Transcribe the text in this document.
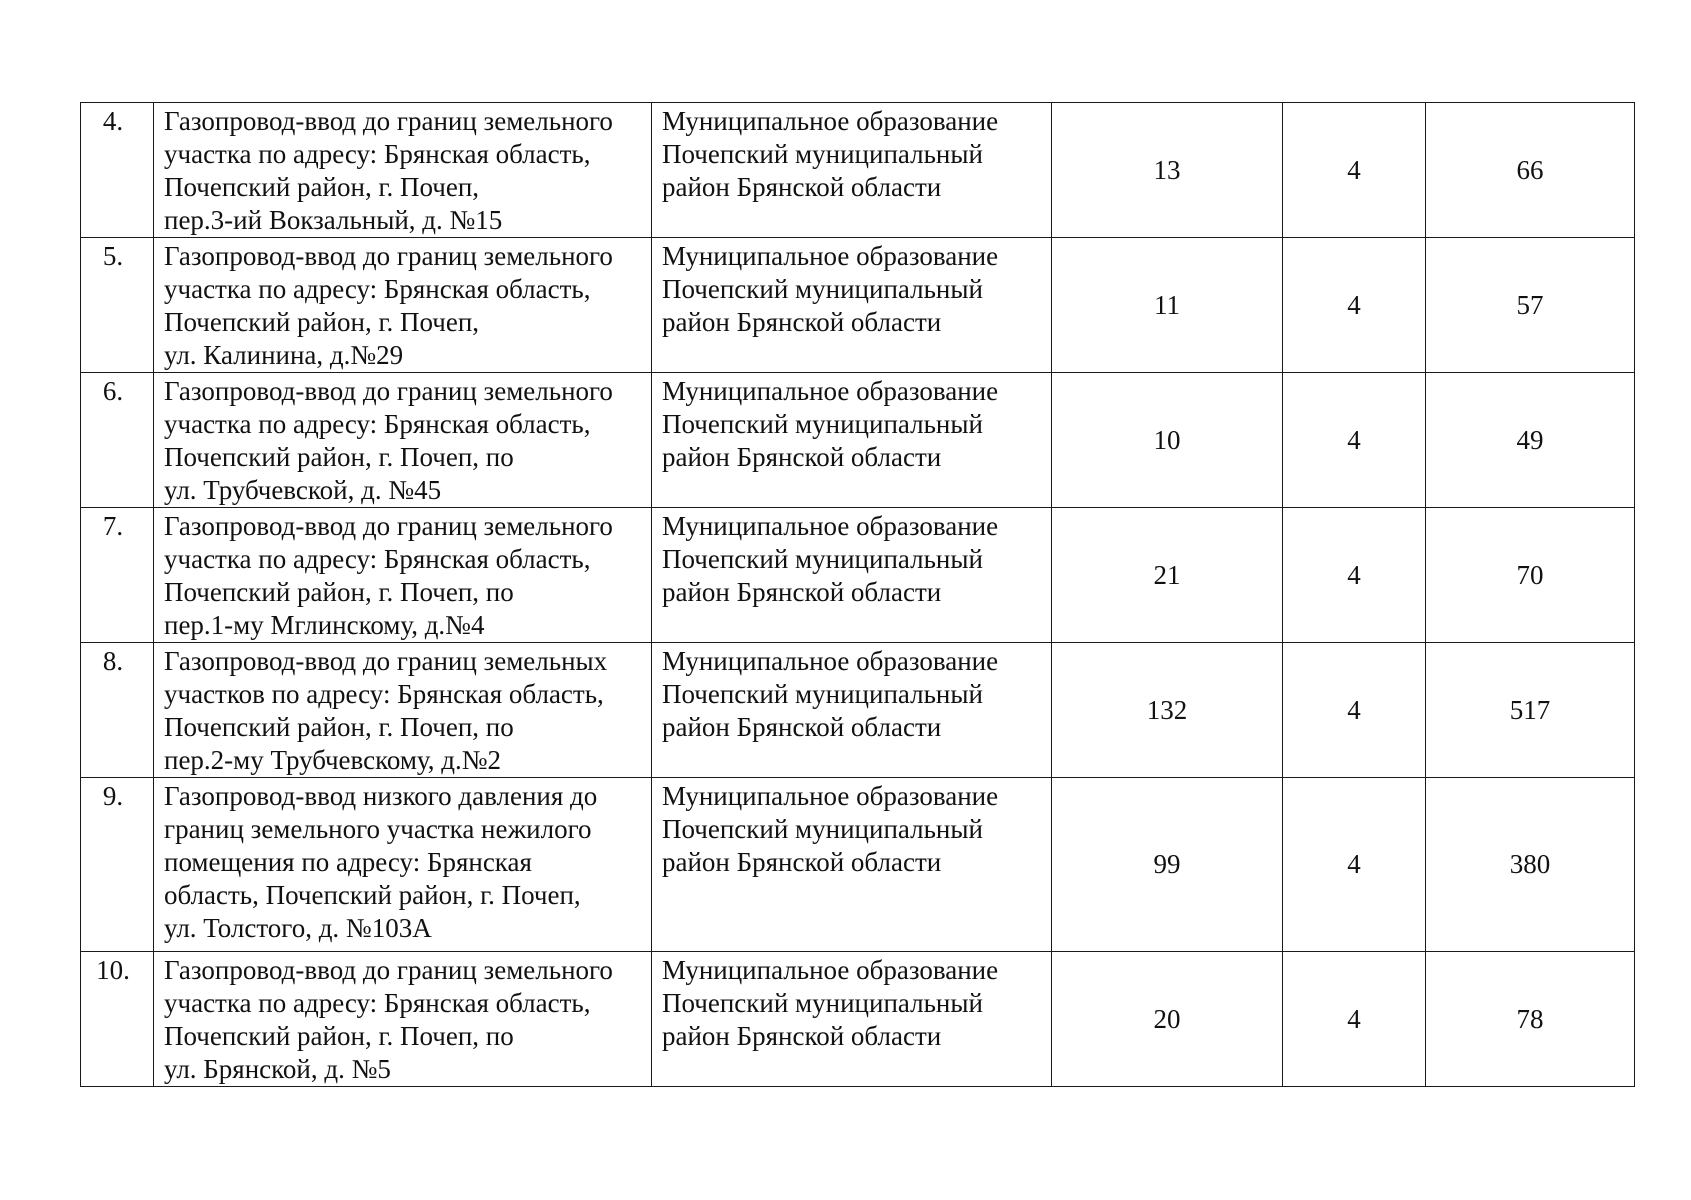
4.	Газопровод-ввод до границ земельного
участка по адресу: Брянская область,
Почепский район, г. Почеп,
пер.3-ий Вокзальный, д. №15	Муниципальное образование
Почепский муниципальный
район Брянской области	13	4	66
5.	Газопровод-ввод до границ земельного
участка по адресу: Брянская область,
Почепский район, г. Почеп,
ул. Калинина, д.№29	Муниципальное образование
Почепский муниципальный
район Брянской области	11	4	57
6.	Газопровод-ввод до границ земельного
участка по адресу: Брянская область,
Почепский район, г. Почеп, по
ул. Трубчевской, д. №45	Муниципальное образование
Почепский муниципальный
район Брянской области	10	4	49
7.	Газопровод-ввод до границ земельного
участка по адресу: Брянская область,
Почепский район, г. Почеп, по
пер.1-му Мглинскому, д.№4	Муниципальное образование
Почепский муниципальный
район Брянской области	21	4	70
8.	Газопровод-ввод до границ земельных
участков по адресу: Брянская область,
Почепский район, г. Почеп, по
пер.2-му Трубчевскому, д.№2	Муниципальное образование
Почепский муниципальный
район Брянской области	132	4	517
9.	Газопровод-ввод низкого давления до
границ земельного участка нежилого
помещения по адресу: Брянская
область, Почепский район, г. Почеп,
ул. Толстого, д. №103А	Муниципальное образование
Почепский муниципальный
район Брянской области	99	4	380
10.	Газопровод-ввод до границ земельного
участка по адресу: Брянская область,
Почепский район, г. Почеп, по
ул. Брянской, д. №5	Муниципальное образование
Почепский муниципальный
район Брянской области	20	4	78
